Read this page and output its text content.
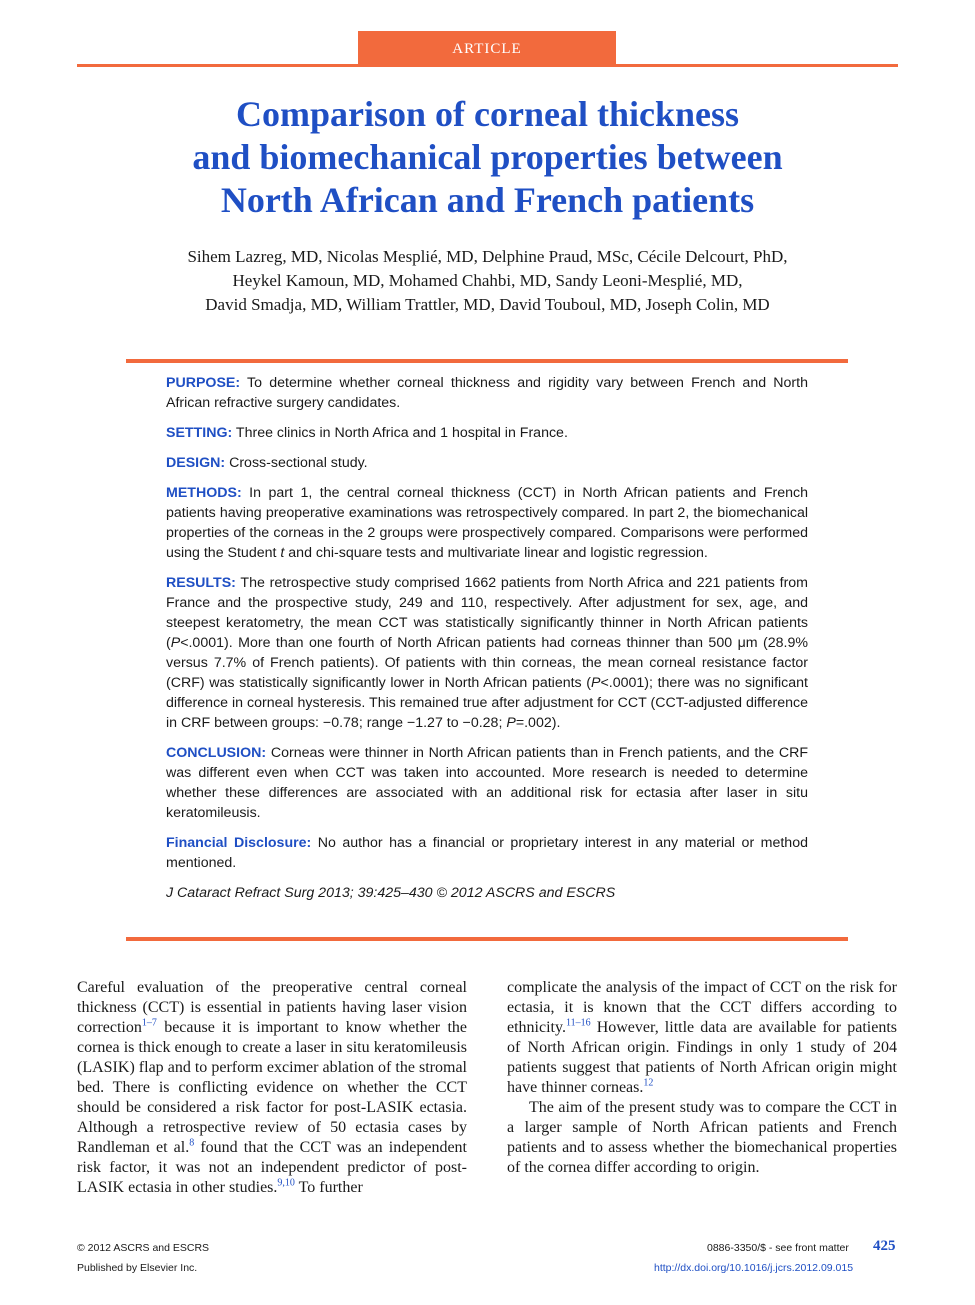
ARTICLE
Comparison of corneal thickness
and biomechanical properties between
North African and French patients
Sihem Lazreg, MD, Nicolas Mesplié, MD, Delphine Praud, MSc, Cécile Delcourt, PhD,
Heykel Kamoun, MD, Mohamed Chahbi, MD, Sandy Leoni-Mesplié, MD,
David Smadja, MD, William Trattler, MD, David Touboul, MD, Joseph Colin, MD

PURPOSE: To determine whether corneal thickness and rigidity vary between French and North African refractive surgery candidates.

SETTING: Three clinics in North Africa and 1 hospital in France.

DESIGN: Cross-sectional study.

METHODS: In part 1, the central corneal thickness (CCT) in North African patients and French patients having preoperative examinations was retrospectively compared. In part 2, the biomechanical properties of the corneas in the 2 groups were prospectively compared. Comparisons were performed using the Student t and chi-square tests and multivariate linear and logistic regression.

RESULTS: The retrospective study comprised 1662 patients from North Africa and 221 patients from France and the prospective study, 249 and 110, respectively. After adjustment for sex, age, and steepest keratometry, the mean CCT was statistically significantly thinner in North African patients (P<.0001). More than one fourth of North African patients had corneas thinner than 500 μm (28.9% versus 7.7% of French patients). Of patients with thin corneas, the mean corneal resistance factor (CRF) was statistically significantly lower in North African patients (P<.0001); there was no significant difference in corneal hysteresis. This remained true after adjustment for CCT (CCT-adjusted difference in CRF between groups: −0.78; range −1.27 to −0.28; P=.002).

CONCLUSION: Corneas were thinner in North African patients than in French patients, and the CRF was different even when CCT was taken into accounted. More research is needed to determine whether these differences are associated with an additional risk for ectasia after laser in situ keratomileusis.

Financial Disclosure: No author has a financial or proprietary interest in any material or method mentioned.

J Cataract Refract Surg 2013; 39:425–430 © 2012 ASCRS and ESCRS

Careful evaluation of the preoperative central corneal thickness (CCT) is essential in patients having laser vision correction$^{1-7}$ because it is important to know whether the cornea is thick enough to create a laser in situ keratomileusis (LASIK) flap and to perform excimer ablation of the stromal bed. There is conflicting evidence on whether the CCT should be considered a risk factor for post-LASIK ectasia. Although a retrospective review of 50 ectasia cases by Randleman et al.$^8$ found that the CCT was an independent risk factor, it was not an independent predictor of post-LASIK ectasia in other studies.$^{9,10}$ To further

complicate the analysis of the impact of CCT on the risk for ectasia, it is known that the CCT differs according to ethnicity.$^{11-16}$ However, little data are available for patients of North African origin. Findings in only 1 study of 204 patients suggest that patients of North African origin might have thinner corneas.$^{12}$

The aim of the present study was to compare the CCT in a larger sample of North African patients and French patients and to assess whether the biomechanical properties of the cornea differ according to origin.

© 2012 ASCRS and ESCRS
Published by Elsevier Inc.
0886-3350/$ - see front matter
http://dx.doi.org/10.1016/j.jcrs.2012.09.015
425
